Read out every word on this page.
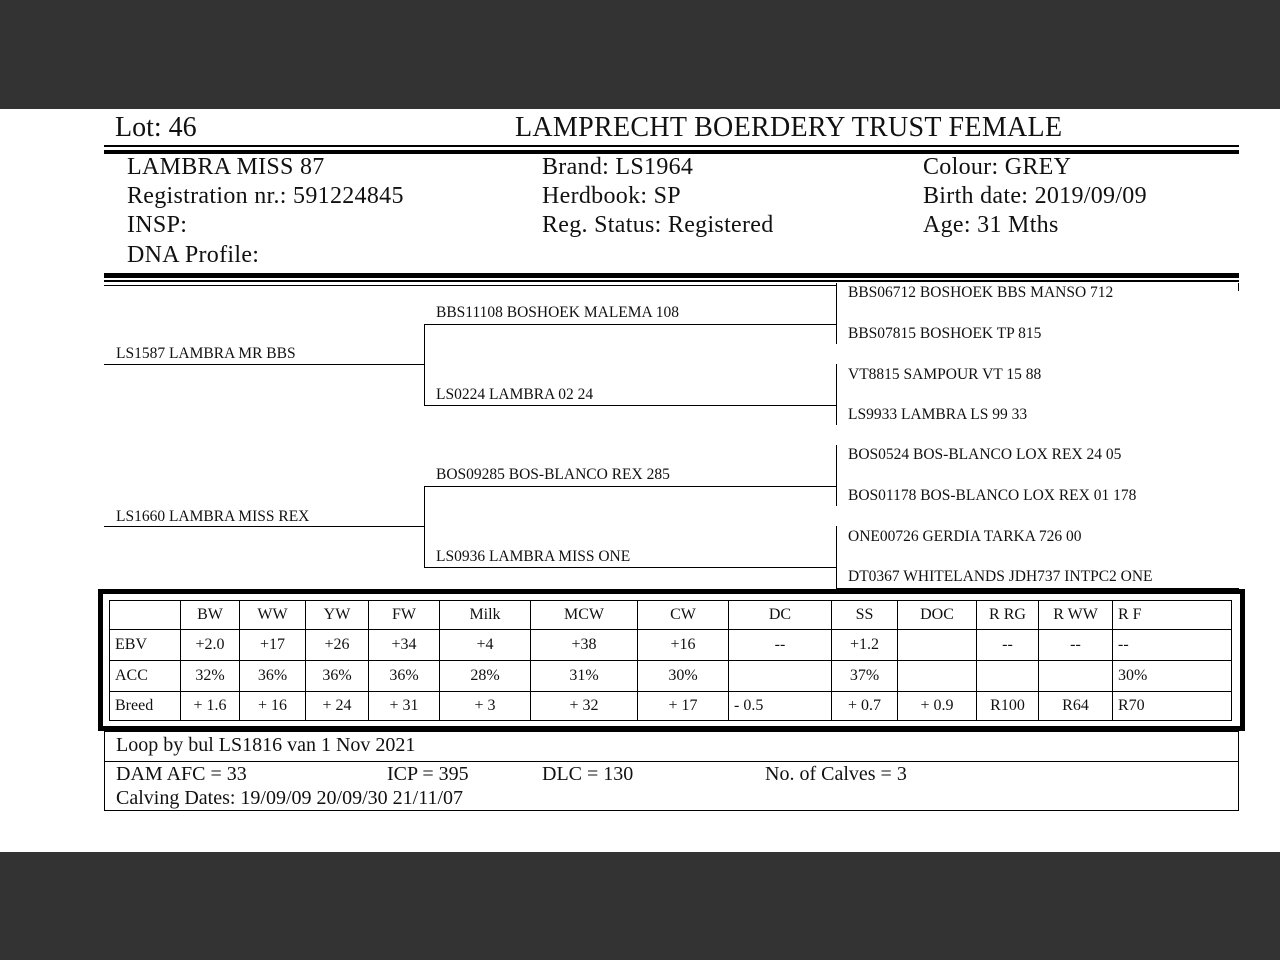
Lot: 46	LAMPRECHT BOERDERY TRUST FEMALE
LAMBRA MISS 87
Registration nr.: 591224845
INSP:
DNA Profile:
Brand: LS1964
Herdbook: SP
Reg. Status: Registered
Colour: GREY
Birth date: 2019/09/09
Age: 31 Mths
LS1587 LAMBRA MR BBS
LS1660 LAMBRA MISS REX
BBS11108 BOSHOEK MALEMA 108
LS0224 LAMBRA 02 24
BOS09285 BOS-BLANCO REX 285
LS0936 LAMBRA MISS ONE
BBS06712 BOSHOEK BBS MANSO 712
BBS07815 BOSHOEK TP 815
VT8815 SAMPOUR VT 15 88
LS9933 LAMBRA LS 99 33
BOS0524 BOS-BLANCO LOX REX 24 05
BOS01178 BOS-BLANCO LOX REX 01 178
ONE00726 GERDIA TARKA 726 00
DT0367 WHITELANDS JDH737 INTPC2 ONE
	BW	WW	YW	FW	Milk	MCW	CW	DC	SS	DOC	R RG	R WW	R F
EBV	+2.0	+17	+26	+34	+4	+38	+16	--	+1.2		--	--	--
ACC	32%	36%	36%	36%	28%	31%	30%		37%				30%
Breed	+ 1.6	+ 16	+ 24	+ 31	+ 3	+ 32	+ 17	- 0.5	+ 0.7	+ 0.9	R100	R64	R70
Loop by bul LS1816 van 1 Nov 2021
DAM AFC = 33	ICP = 395	DLC = 130	No. of Calves = 3
Calving Dates: 19/09/09 20/09/30 21/11/07
